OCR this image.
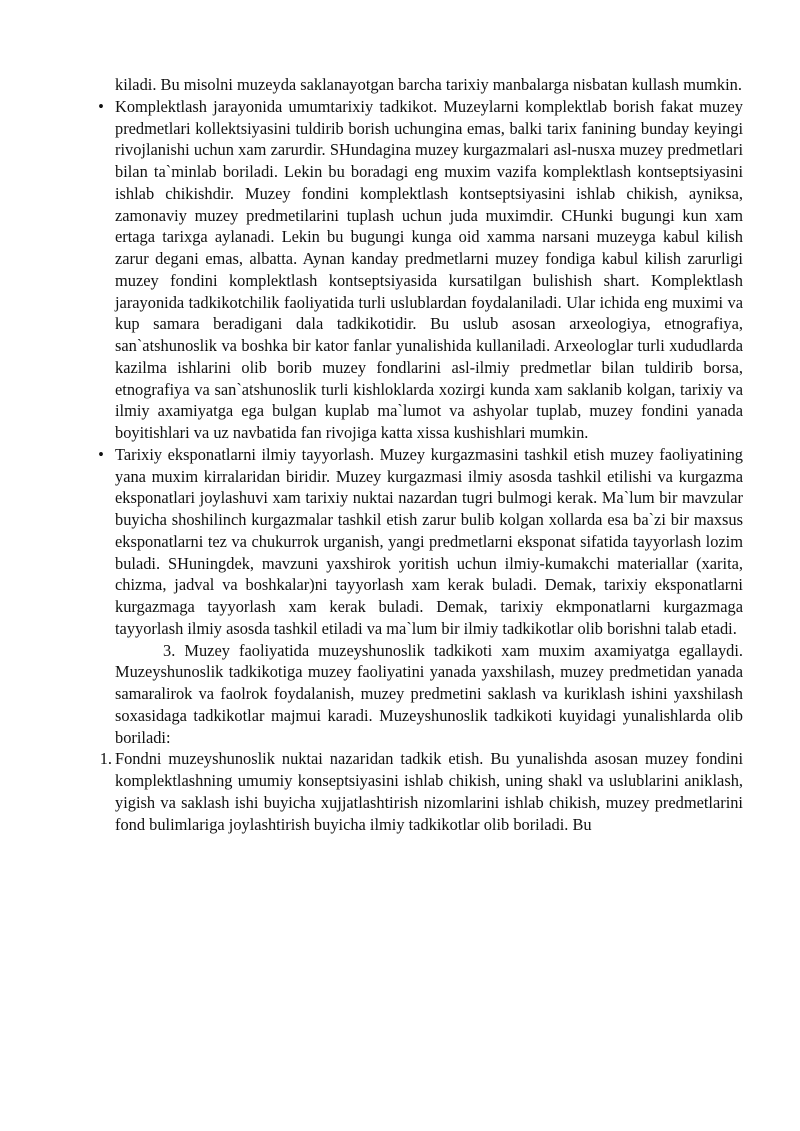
kiladi. Bu misolni muzeyda saklanayotgan barcha tarixiy manbalarga nisbatan kullash mumkin.

• Komplektlash jarayonida umumtarixiy tadkikot. Muzeylarni komplektlab borish fakat muzey predmetlari kollektsiyasini tuldirib borish uchungina emas, balki tarix fanining bunday keyingi rivojlanishi uchun xam zarurdir. SHundagina muzey kurgazmalari asl-nusxa muzey predmetlari bilan ta`minlab boriladi. Lekin bu boradagi eng muxim vazifa komplektlash kontseptsiyasini ishlab chikishdir. Muzey fondini komplektlash kontseptsiyasini ishlab chikish, ayniksa, zamonaviy muzey predmetilarini tuplash uchun juda muximdir. CHunki bugungi kun xam ertaga tarixga aylanadi. Lekin bu bugungi kunga oid xamma narsani muzeyga kabul kilish zarur degani emas, albatta. Aynan kanday predmetlarni muzey fondiga kabul kilish zarurligi muzey fondini komplektlash kontseptsiyasida kursatilgan bulishish shart. Komplektlash jarayonida tadkikotchilik faoliyatida turli uslublardan foydalaniladi. Ular ichida eng muximi va kup samara beradigani dala tadkikotidir. Bu uslub asosan arxeologiya, etnografiya, san`atshunoslik va boshka bir kator fanlar yunalishida kullaniladi. Arxeologlar turli xududlarda kazilma ishlarini olib borib muzey fondlarini asl-ilmiy predmetlar bilan tuldirib borsa, etnografiya va san`atshunoslik turli kishloklarda xozirgi kunda xam saklanib kolgan, tarixiy va ilmiy axamiyatga ega bulgan kuplab ma`lumot va ashyolar tuplab, muzey fondini yanada boyitishlari va uz navbatida fan rivojiga katta xissa kushishlari mumkin.
• Tarixiy eksponatlarni ilmiy tayyorlash. Muzey kurgazmasini tashkil etish muzey faoliyatining yana muxim kirralaridan biridir. Muzey kurgazmasi ilmiy asosda tashkil etilishi va kurgazma eksponatlari joylashuvi xam tarixiy nuktai nazardan tugri bulmogi kerak. Ma`lum bir mavzular buyicha shoshilinch kurgazmalar tashkil etish zarur bulib kolgan xollarda esa ba`zi bir maxsus eksponatlarni tez va chukurrok urganish, yangi predmetlarni eksponat sifatida tayyorlash lozim buladi. SHuningdek, mavzuni yaxshirok yoritish uchun ilmiy-kumakchi materiallar (xarita, chizma, jadval va boshkalar)ni tayyorlash xam kerak buladi. Demak, tarixiy eksponatlarni kurgazmaga tayyorlash xam kerak buladi. Demak, tarixiy ekmponatlarni kurgazmaga tayyorlash ilmiy asosda tashkil etiladi va ma`lum bir ilmiy tadkikotlar olib borishni talab etadi.

3. Muzey faoliyatida muzeyshunoslik tadkikoti xam muxim axamiyatga egallaydi. Muzeyshunoslik tadkikotiga muzey faoliyatini yanada yaxshilash, muzey predmetidan yanada samaralirok va faolrok foydalanish, muzey predmetini saklash va kuriklash ishini yaxshilash soxasidaga tadkikotlar majmui karadi. Muzeyshunoslik tadkikoti kuyidagi yunalishlarda olib boriladi:

1. Fondni muzeyshunoslik nuktai nazaridan tadkik etish. Bu yunalishda asosan muzey fondini komplektlashning umumiy konseptsiyasini ishlab chikish, uning shakl va uslublarini aniklash, yigish va saklash ishi buyicha xujjatlashtirish nizomlarini ishlab chikish, muzey predmetlarini fond bulimlariga joylashtirish buyicha ilmiy tadkikotlar olib boriladi. Bu
